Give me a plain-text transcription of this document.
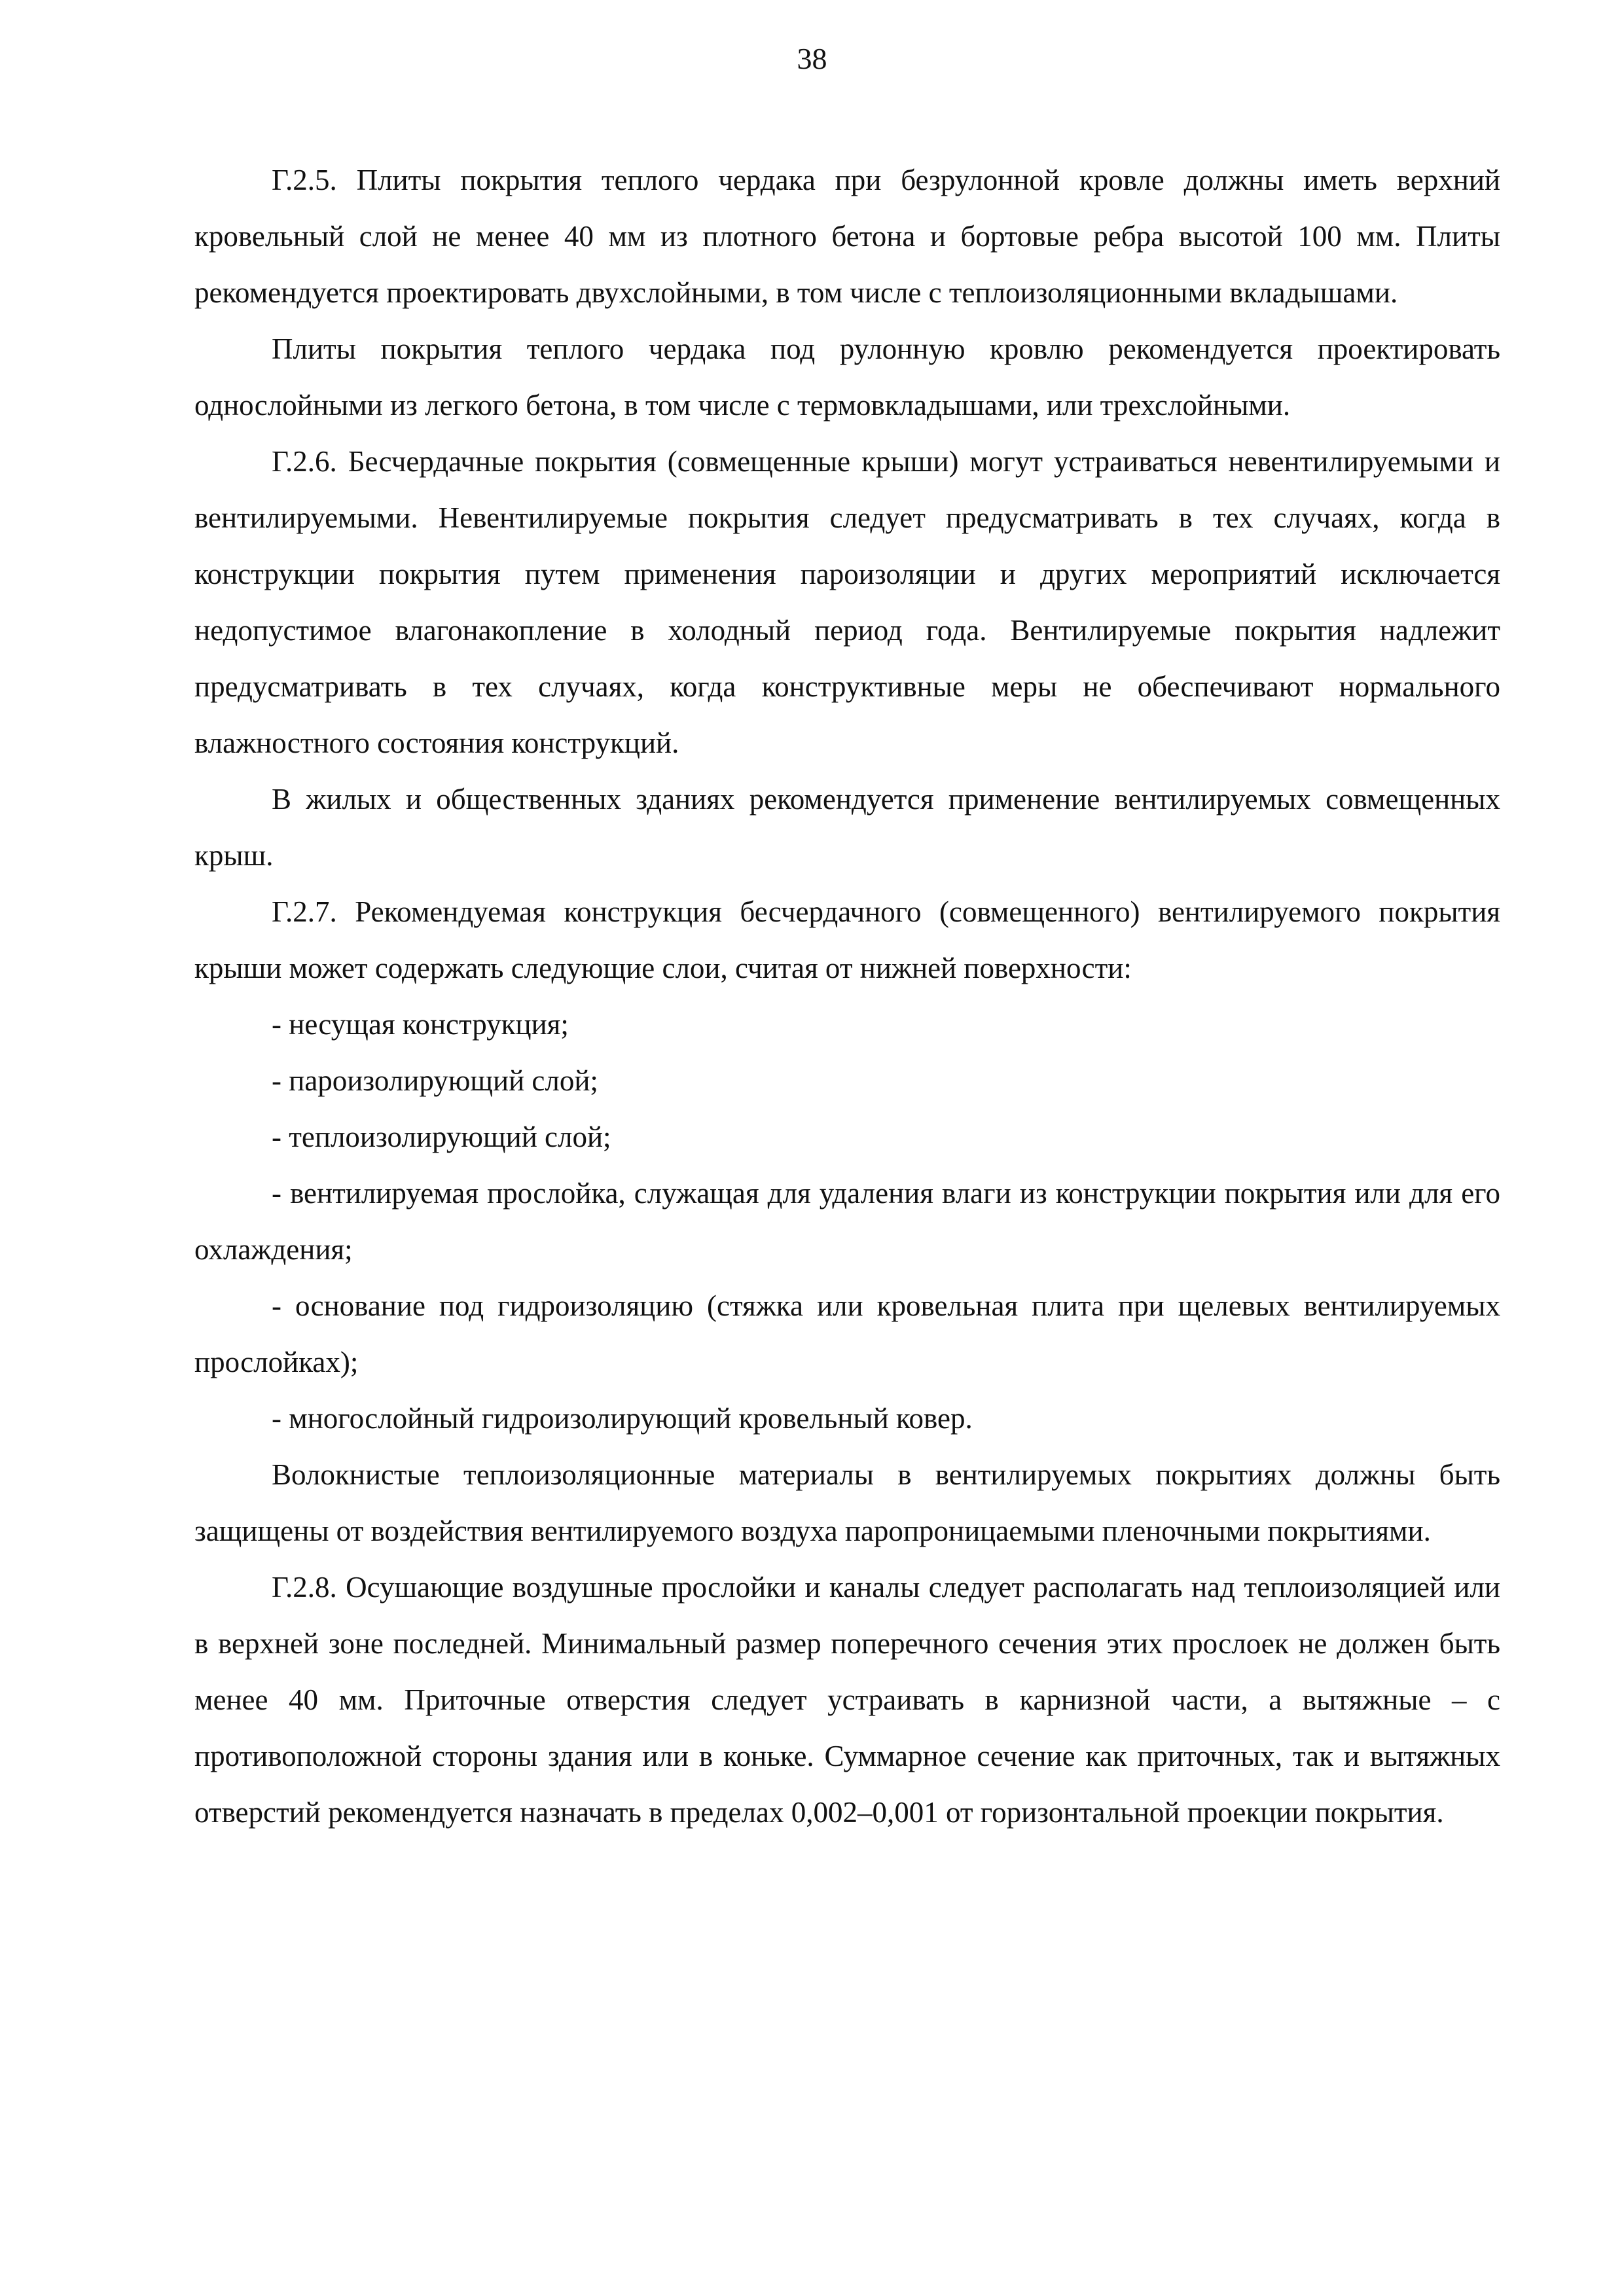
38

Г.2.5. Плиты покрытия теплого чердака при безрулонной кровле должны иметь верхний кровельный слой не менее 40 мм из плотного бетона и бортовые ребра высотой 100 мм. Плиты рекомендуется проектировать двухслойными, в том числе с теплоизоляционными вкладышами.

Плиты покрытия теплого чердака под рулонную кровлю рекомендуется проектировать однослойными из легкого бетона, в том числе с термовкладышами, или трехслойными.

Г.2.6. Бесчердачные покрытия (совмещенные крыши) могут устраиваться невентилируемыми и вентилируемыми. Невентилируемые покрытия следует предусматривать в тех случаях, когда в конструкции покрытия путем применения пароизоляции и других мероприятий исключается недопустимое влагонакопление в холодный период года. Вентилируемые покрытия надлежит предусматривать в тех случаях, когда конструктивные меры не обеспечивают нормального влажностного состояния конструкций.

В жилых и общественных зданиях рекомендуется применение вентилируемых совмещенных крыш.

Г.2.7. Рекомендуемая конструкция бесчердачного (совмещенного) вентилируемого покрытия крыши может содержать следующие слои, считая от нижней поверхности:

- несущая конструкция;

- пароизолирующий слой;

- теплоизолирующий слой;

- вентилируемая прослойка, служащая для удаления влаги из конструкции покрытия или для его охлаждения;

- основание под гидроизоляцию (стяжка или кровельная плита при щелевых вентилируемых прослойках);

- многослойный гидроизолирующий кровельный ковер.

Волокнистые теплоизоляционные материалы в вентилируемых покрытиях должны быть защищены от воздействия вентилируемого воздуха паропроницаемыми пленочными покрытиями.

Г.2.8. Осушающие воздушные прослойки и каналы следует располагать над теплоизоляцией или в верхней зоне последней. Минимальный размер поперечного сечения этих прослоек не должен быть менее 40 мм. Приточные отверстия следует устраивать в карнизной части, а вытяжные – с противоположной стороны здания или в коньке. Суммарное сечение как приточных, так и вытяжных отверстий рекомендуется назначать в пределах 0,002–0,001 от горизонтальной проекции покрытия.
